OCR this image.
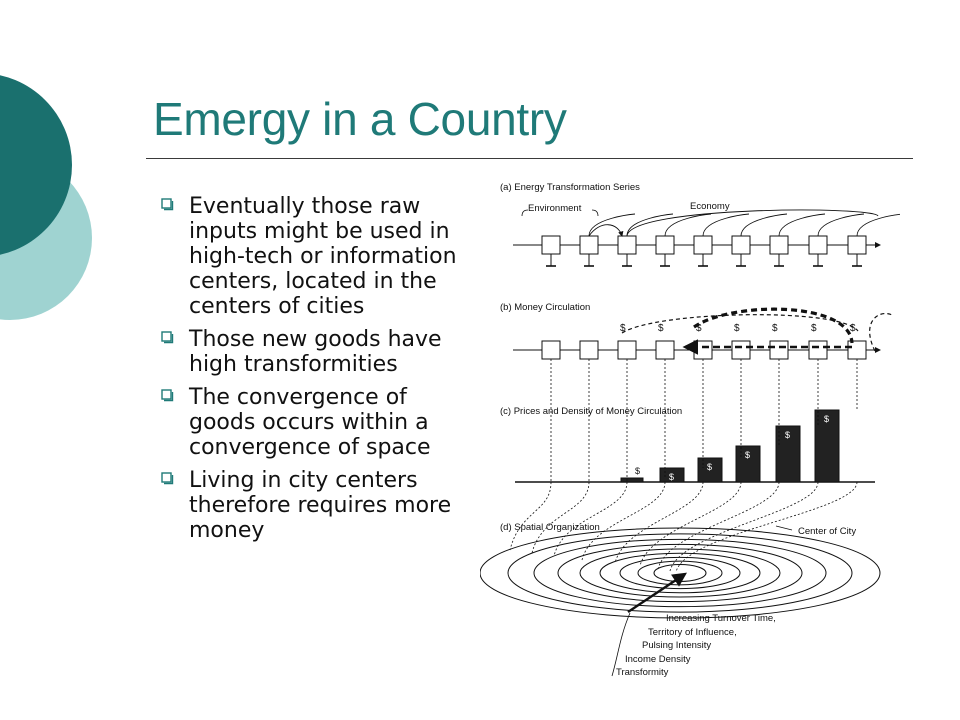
Emergy in a Country
Eventually those raw inputs might be used in high-tech or information centers, located in the centers of cities
Those new goods have high transformities
The convergence of goods occurs within a convergence of space
Living in city centers therefore requires more money
(a) Energy Transformation Series
Environment	Economy
(b) Money Circulation
$	$	$	$	$	$	$
(c) Prices and Density of Money Circulation
$
$
$
$
$
$
$
(d) Spatial Organization	Center of City
Increasing Turnover Time,
Territory of Influence,
Pulsing Intensity
Income Density
Transformity
